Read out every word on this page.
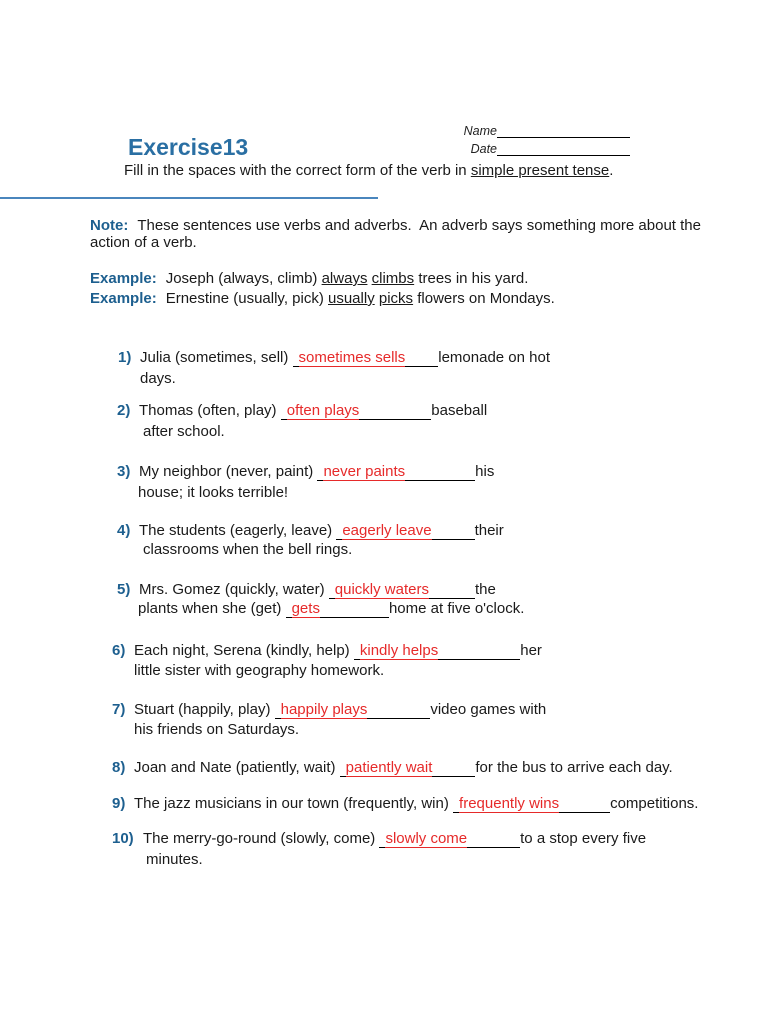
Exercise13
Name
Date
Fill in the spaces with the correct form of the verb in simple present tense.
Note: These sentences use verbs and adverbs.  An adverb says something more about the action of a verb.
Example: Joseph (always, climb) always climbs trees in his yard.
Example: Ernestine (usually, pick) usually picks flowers on Mondays.
1) Julia (sometimes, sell) sometimes sells lemonade on hot
days.
2) Thomas (often, play) often plays	baseball
after school.
3) My neighbor (never, paint) never paints	his
house; it looks terrible!
4) The students (eagerly, leave) eagerly leave	their
classrooms when the bell rings.
5) Mrs. Gomez (quickly, water) quickly waters	the
plants when she (get) gets	home at five o'clock.
6) Each night, Serena (kindly, help) kindly helps	her
little sister with geography homework.
7) Stuart (happily, play) happily plays	video games with
his friends on Saturdays.
8) Joan and Nate (patiently, wait) patiently wait	for the bus to arrive each day.
9) The jazz musicians in our town (frequently, win) frequently wins	competitions.
10) The merry-go-round (slowly, come) slowly come	to a stop every five
minutes.
